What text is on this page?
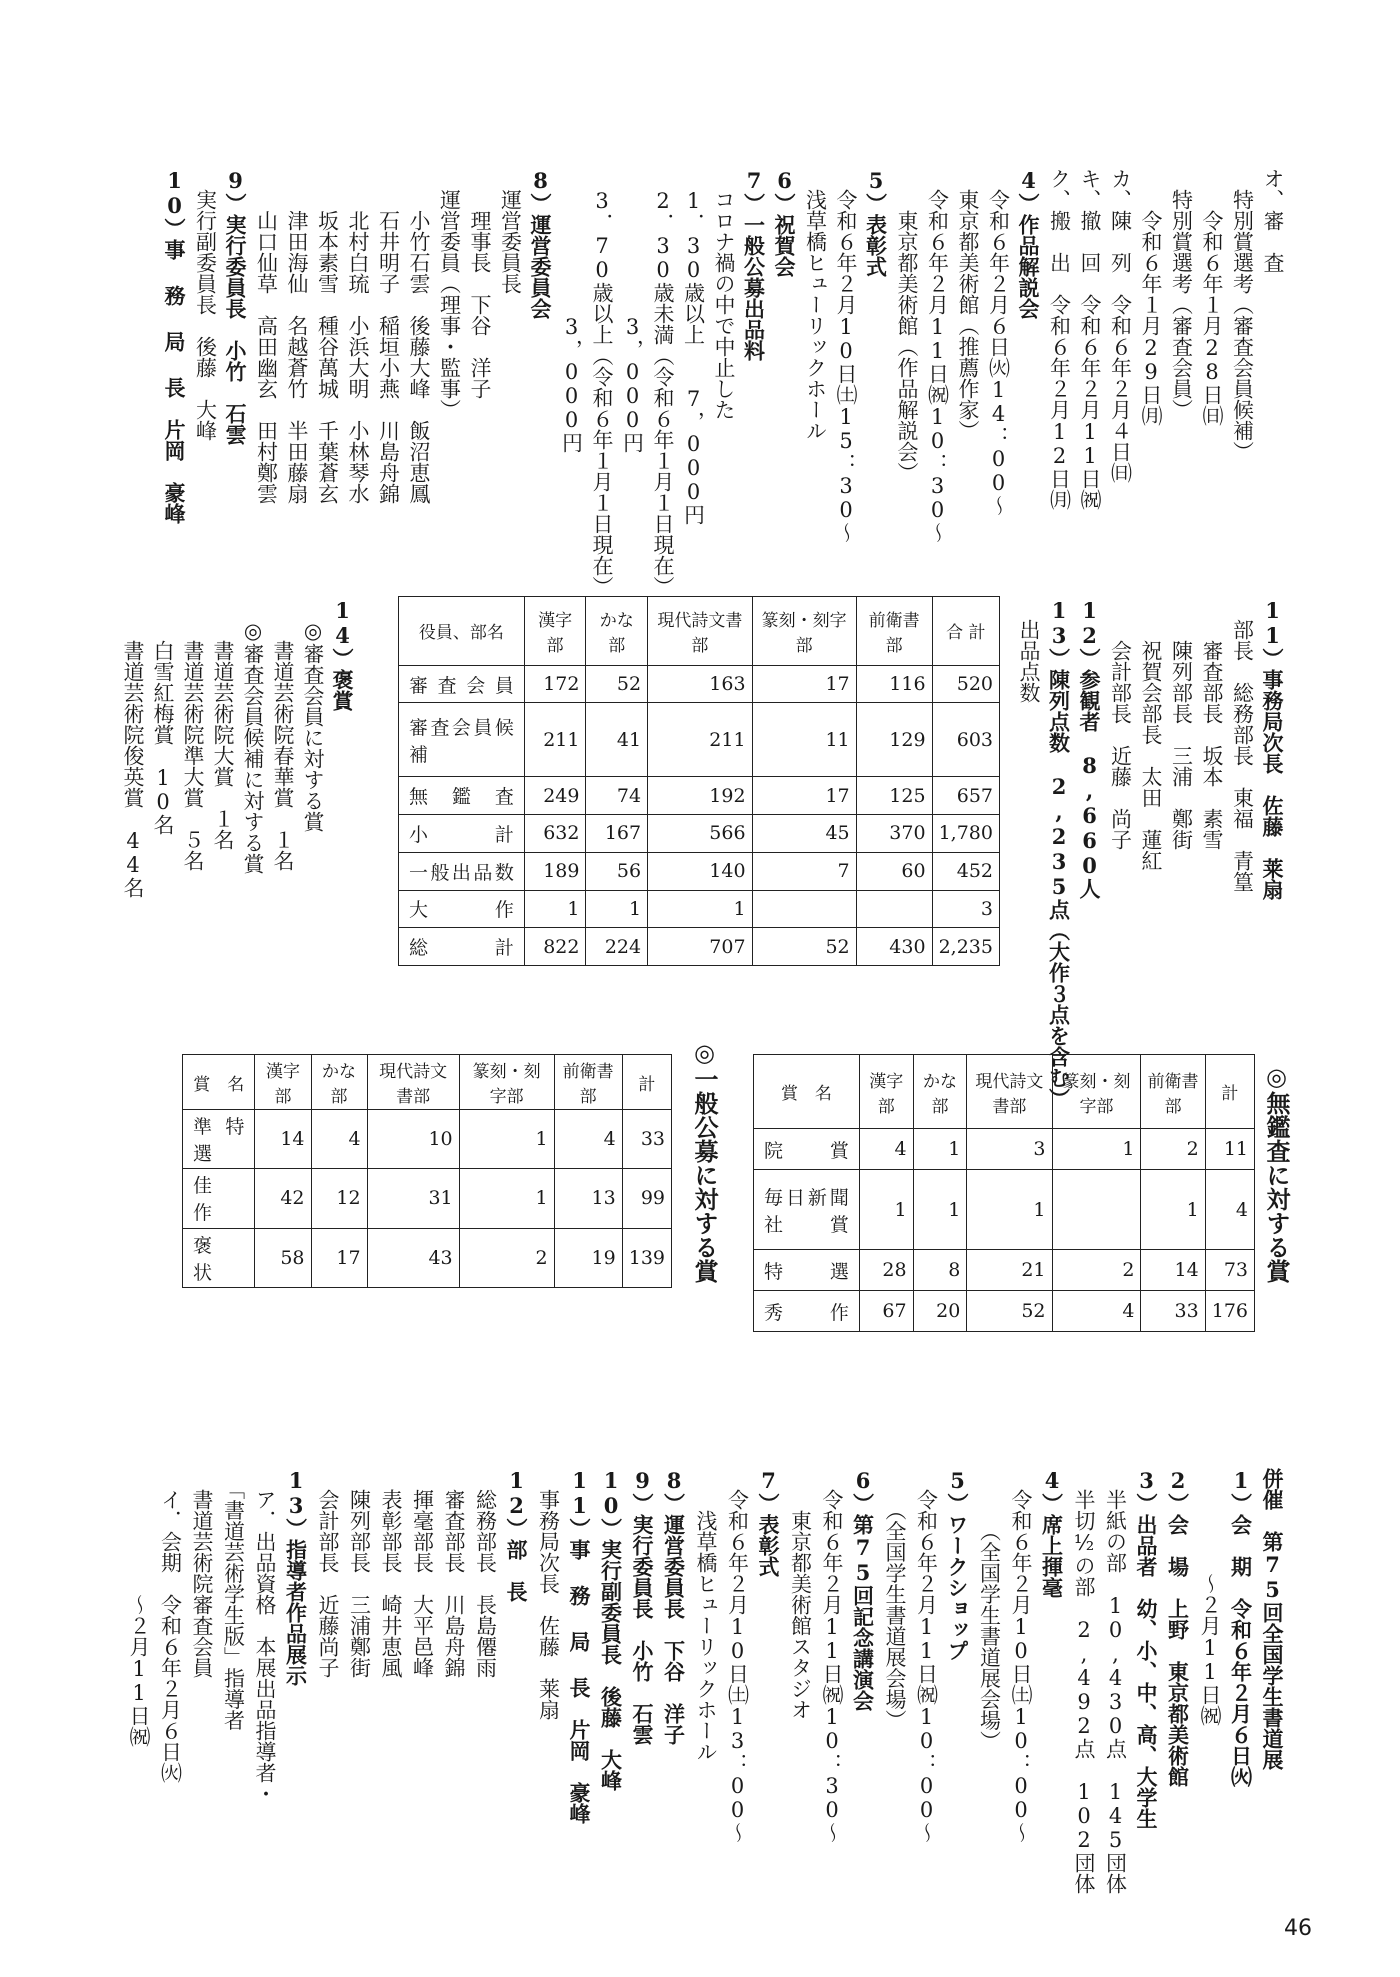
オ、審　査
　特別賞選考（審査会員候補）
　　令和６年１月28日㈰
　特別賞選考（審査会員）
　　令和６年１月29日㈪
カ、陳　列　令和６年２月４日㈰
キ、撤　回　令和６年２月11日㈷
ク、搬　出　令和６年２月12日㈪
4）作品解説会
　令和６年２月６日㈫14：00〜
　東京都美術館（推薦作家）
　令和６年２月11日㈷10：30〜
　　東京都美術館（作品解説会）
5）表彰式
　令和６年２月10日㈯15：30〜
　浅草橋ヒューリックホール
6）祝賀会
7）一般公募出品料
　コロナ禍の中で中止した
　1．30歳以上　　7，000円
　2．30歳未満（令和６年１月１日現在）
　　　　　　　3，000円
　3．70歳以上（令和６年１月１日現在）
　　　　　　　3，000円
8）運営委員会
　運営委員長
　　理事長　下谷　洋子
　運営委員（理事・監事）
　　小竹石雲　後藤大峰　飯沼恵鳳
　　石井明子　稲垣小燕　川島舟錦
　　北村白琉　小浜大明　小林琴水
　　坂本素雪　種谷萬城　千葉蒼玄
　　津田海仙　名越蒼竹　半田藤扇
　　山口仙草　高田幽玄　田村鄭雲
9）実行委員長　小竹　石雲
　実行副委員長　後藤　大峰
10）事 務 局 長　片岡　豪峰
11）事務局次長　佐藤　莱扇
　部長　総務部長　東福　青篁
　　審査部長　坂本　素雪
　　陳列部長　三浦　鄭街
　　祝賀会部長　太田　蓮紅
　　会計部長　近藤　尚子
12）参観者　8,660人
13）陳列点数　2,235点（大作３点を含む）
　出品点数
役員、部名	漢字部	かな部	現代詩文書部	篆刻・刻字部	前衛書部	合 計
審査会員	172	52	163	17	116	520
審査会員候補	211	41	211	11	129	603
無　鑑　査	249	74	192	17	125	657
小　　計	632	167	566	45	370	1,780
一般出品数	189	56	140	7	60	452
大　　作	1	1	1			3
総　　計	822	224	707	52	430	2,235
14）褒賞
　◎審査会員に対する賞
　　書道芸術院春華賞　１名
　◎審査会員候補に対する賞
　　書道芸術院大賞　１名
　　書道芸術院準大賞　５名
　　白雪紅梅賞　10名
　　書道芸術院俊英賞　44名
◎無鑑査に対する賞
賞　名	漢字部	かな部	現代詩文書部	篆刻・刻字部	前衛書部	計
院　賞	4	1	3	1	2	11
毎日新聞社賞	1	1	1		1	4
特　選	28	8	21	2	14	73
秀　作	67	20	52	4	33	176
◎一般公募に対する賞
賞　名	漢字部	かな部	現代詩文書部	篆刻・刻字部	前衛書部	計
準特選	14	4	10	1	4	33
佳　作	42	12	31	1	13	99
褒　状	58	17	43	2	19	139
併催　第75回全国学生書道展
1）会　期　令和６年２月６日㈫
　　　　　〜２月11日㈷
2）会　場　上野　東京都美術館
3）出品者　幼、小、中、高、大学生
　半紙の部　10,430点　145団体
　半切½の部　2,492点　102団体
4）席上揮毫
　令和６年２月10日㈯10：00〜
　　　（全国学生書道展会場）
5）ワークショップ
　令和６年２月11日㈷10：00〜
　　（全国学生書道展会場）
6）第75回記念講演会
　令和６年２月11日㈷10：30〜
　　東京都美術館スタジオ
7）表彰式
　令和６年２月10日㈯13：00〜
　　浅草橋ヒューリックホール
8）運営委員長　下谷　洋子
9）実行委員長　小竹　石雲
10）実行副委員長　後藤　大峰
11）事 務 局 長　片岡　豪峰
　事務局次長　佐藤　莱扇
12）部　長
　総務部長　長島僊雨
　審査部長　川島舟錦
　揮毫部長　大平邑峰
　表彰部長　崎井恵風
　陳列部長　三浦鄭街
　会計部長　近藤尚子
13）指導者作品展示
　ア．出品資格　本展出品指導者・
　「書道芸術学生版」指導者
　書道芸術院審査会員
　イ．会期　令和６年２月６日㈫
　　　　　　〜２月11日㈷
46
